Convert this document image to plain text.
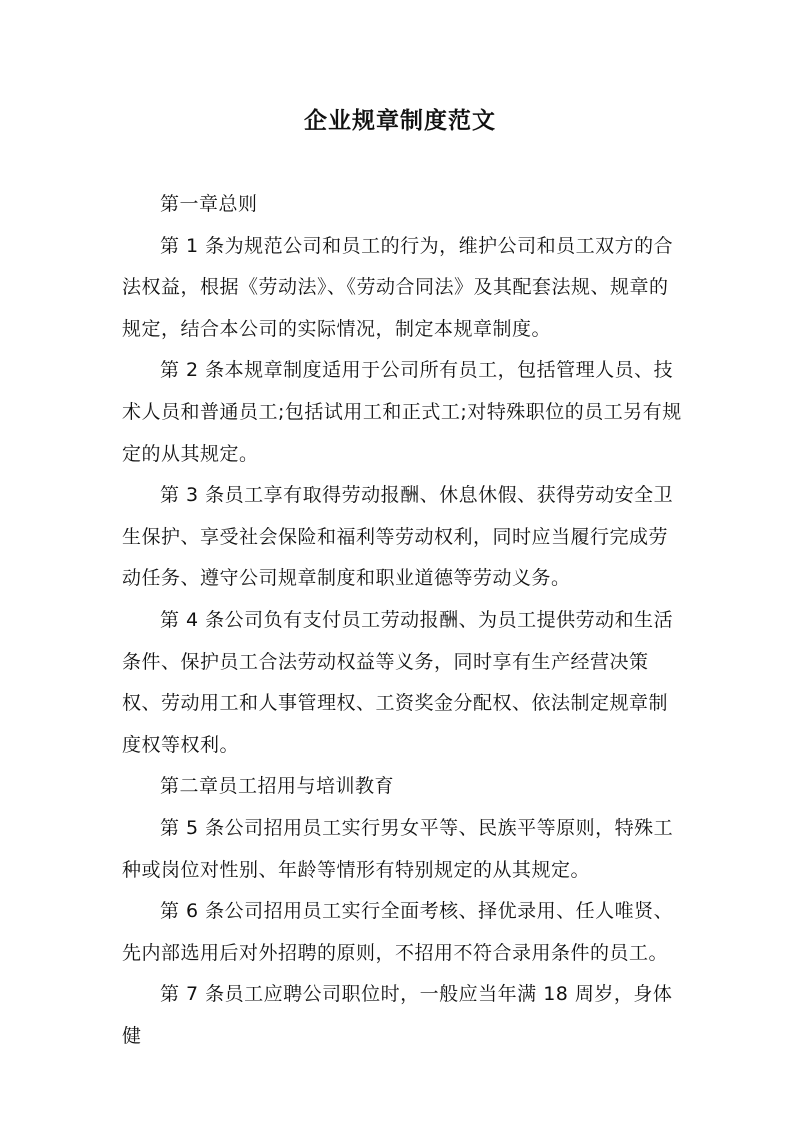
企业规章制度范文

第一章总则

第 1 条为规范公司和员工的行为，维护公司和员工双方的合法权益，根据《劳动法》、《劳动合同法》及其配套法规、规章的规定，结合本公司的实际情况，制定本规章制度。

第 2 条本规章制度适用于公司所有员工，包括管理人员、技术人员和普通员工;包括试用工和正式工;对特殊职位的员工另有规定的从其规定。

第 3 条员工享有取得劳动报酬、休息休假、获得劳动安全卫生保护、享受社会保险和福利等劳动权利，同时应当履行完成劳动任务、遵守公司规章制度和职业道德等劳动义务。

第 4 条公司负有支付员工劳动报酬、为员工提供劳动和生活条件、保护员工合法劳动权益等义务，同时享有生产经营决策权、劳动用工和人事管理权、工资奖金分配权、依法制定规章制度权等权利。

第二章员工招用与培训教育

第 5 条公司招用员工实行男女平等、民族平等原则，特殊工种或岗位对性别、年龄等情形有特别规定的从其规定。

第 6 条公司招用员工实行全面考核、择优录用、任人唯贤、先内部选用后对外招聘的原则，不招用不符合录用条件的员工。

第 7 条员工应聘公司职位时，一般应当年满 18 周岁，身体健
